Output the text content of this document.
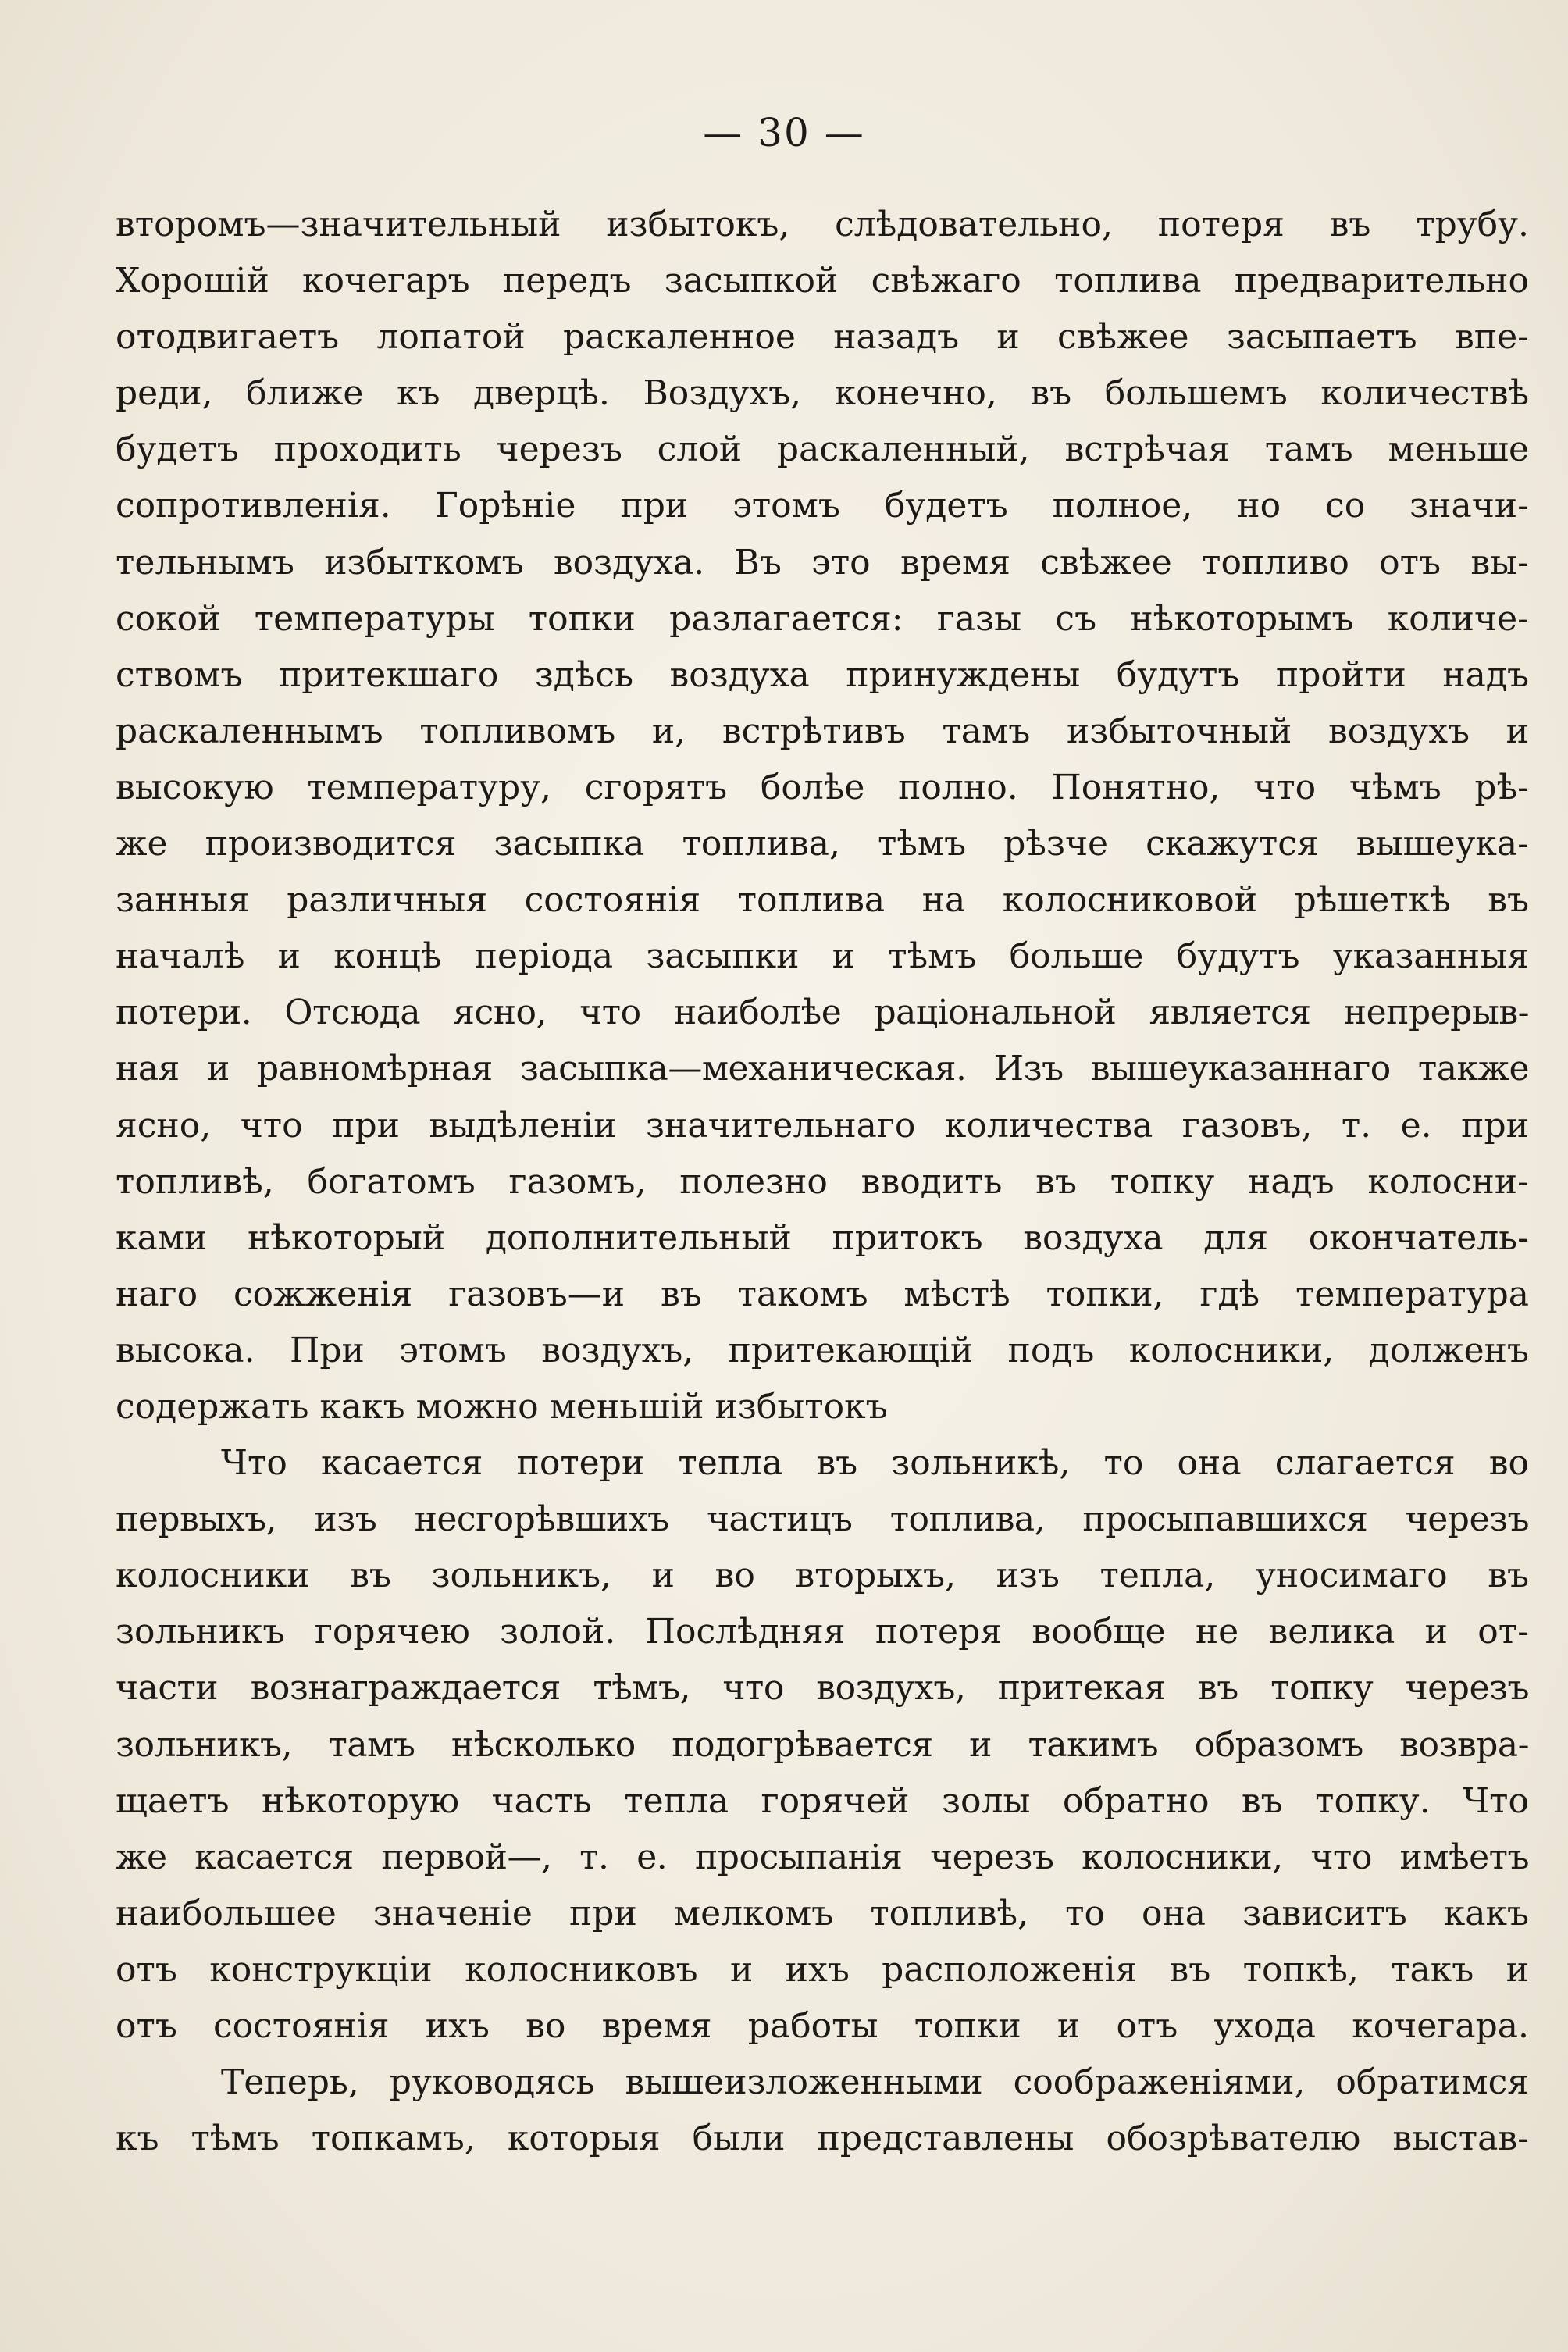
— 30 —
второмъ—значительный избытокъ, слѣдовательно, потеря въ трубу.
Хорошій кочегаръ передъ засыпкой свѣжаго топлива предварительно
отодвигаетъ лопатой раскаленное назадъ и свѣжее засыпаетъ впе-
реди, ближе къ дверцѣ. Воздухъ, конечно, въ большемъ количествѣ
будетъ проходить черезъ слой раскаленный, встрѣчая тамъ меньше
сопротивленія. Горѣніе при этомъ будетъ полное, но со значи-
тельнымъ избыткомъ воздуха. Въ это время свѣжее топливо отъ вы-
сокой температуры топки разлагается: газы съ нѣкоторымъ количе-
ствомъ притекшаго здѣсь воздуха принуждены будутъ пройти надъ
раскаленнымъ топливомъ и, встрѣтивъ тамъ избыточный воздухъ и
высокую температуру, сгорятъ болѣе полно. Понятно, что чѣмъ рѣ-
же производится засыпка топлива, тѣмъ рѣзче скажутся вышеука-
занныя различныя состоянія топлива на колосниковой рѣшеткѣ въ
началѣ и концѣ періода засыпки и тѣмъ больше будутъ указанныя
потери. Отсюда ясно, что наиболѣе раціональной является непрерыв-
ная и равномѣрная засыпка—механическая. Изъ вышеуказаннаго также
ясно, что при выдѣленіи значительнаго количества газовъ, т. е. при
топливѣ, богатомъ газомъ, полезно вводить въ топку надъ колосни-
ками нѣкоторый дополнительный притокъ воздуха для окончатель-
наго сожженія газовъ—и въ такомъ мѣстѣ топки, гдѣ температура
высока. При этомъ воздухъ, притекающій подъ колосники, долженъ
содержать какъ можно меньшій избытокъ
Что касается потери тепла въ зольникѣ, то она слагается во
первыхъ, изъ несгорѣвшихъ частицъ топлива, просыпавшихся черезъ
колосники въ зольникъ, и во вторыхъ, изъ тепла, уносимаго въ
зольникъ горячею золой. Послѣдняя потеря вообще не велика и от-
части вознаграждается тѣмъ, что воздухъ, притекая въ топку черезъ
зольникъ, тамъ нѣсколько подогрѣвается и такимъ образомъ возвра-
щаетъ нѣкоторую часть тепла горячей золы обратно въ топку. Что
же касается первой—, т. е. просыпанія черезъ колосники, что имѣетъ
наибольшее значеніе при мелкомъ топливѣ, то она зависитъ какъ
отъ конструкціи колосниковъ и ихъ расположенія въ топкѣ, такъ и
отъ состоянія ихъ во время работы топки и отъ ухода кочегара.
Теперь, руководясь вышеизложенными соображеніями, обратимся
къ тѣмъ топкамъ, которыя были представлены обозрѣвателю выстав-
